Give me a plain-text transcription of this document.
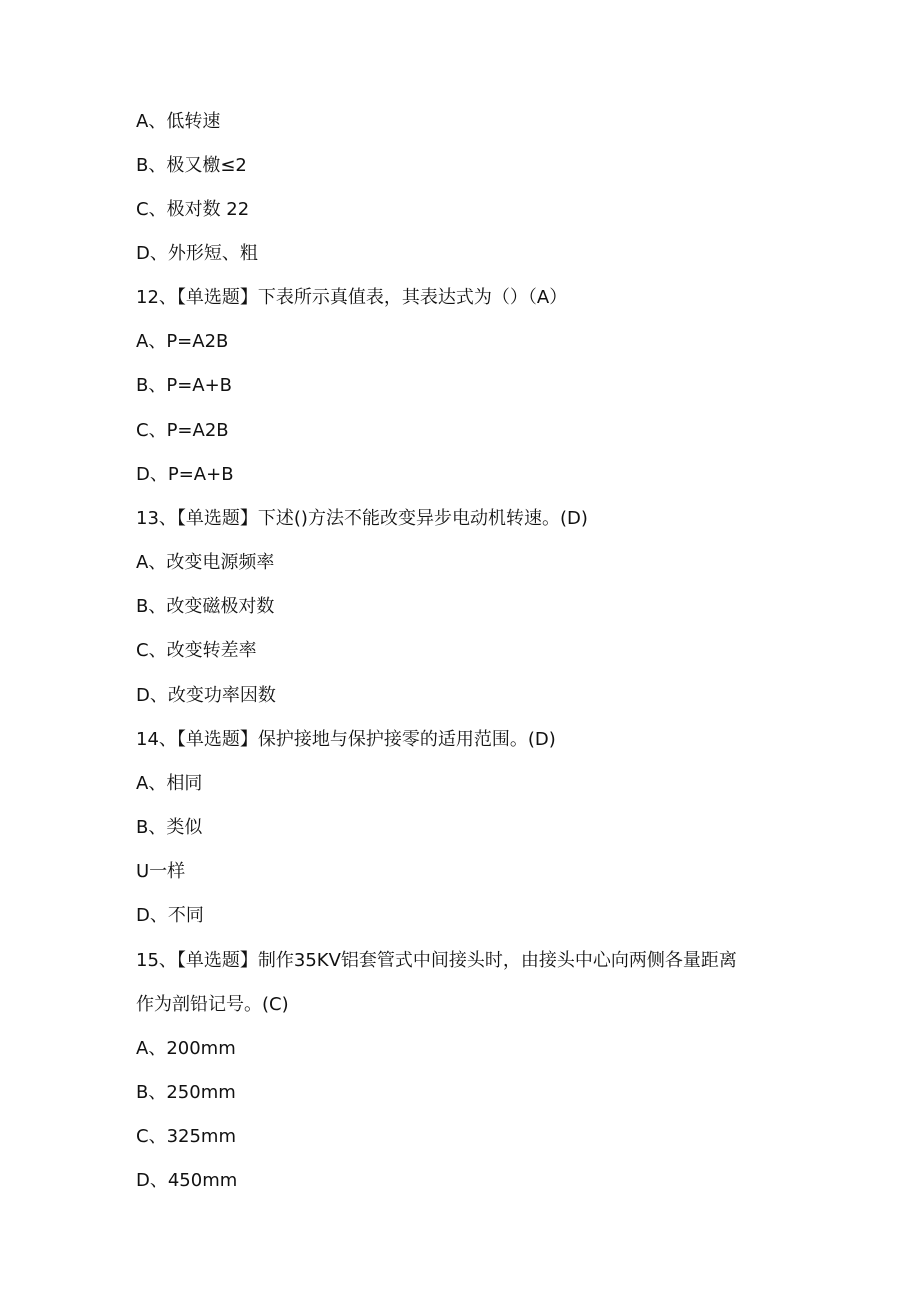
A、低转速
B、极又檄≤2
C、极对数 22
D、外形短、粗
12、【单选题】下表所示真值表，其表达式为（）（A）
A、P=A2B
B、P=A+B
C、P=A2B
D、P=A+B
13、【单选题】下述()方法不能改变异步电动机转速。(D)
A、改变电源频率
B、改变磁极对数
C、改变转差率
D、改变功率因数
14、【单选题】保护接地与保护接零的适用范围。(D)
A、相同
B、类似
U一样
D、不同
15、【单选题】制作35KV铝套管式中间接头时，由接头中心向两侧各量距离
作为剖铅记号。(C)
A、200mm
B、250mm
C、325mm
D、450mm
